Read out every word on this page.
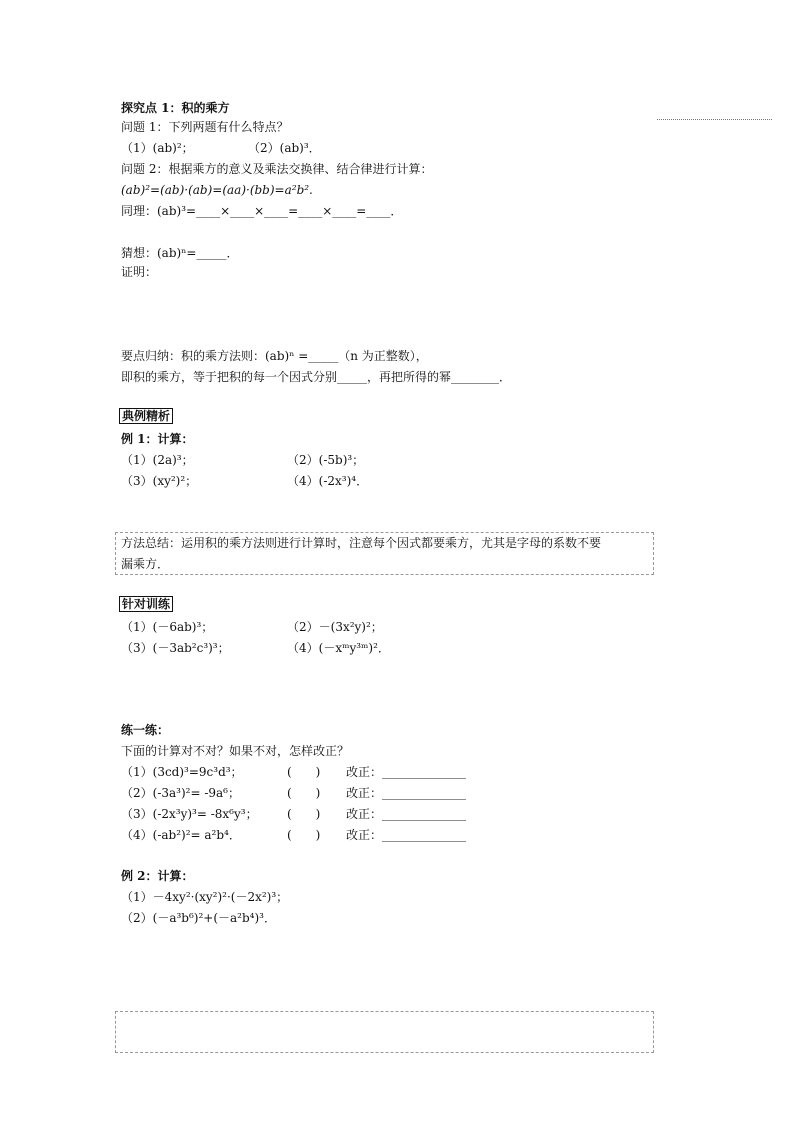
探究点 1：积的乘方
问题 1：下列两题有什么特点？
（1）(ab)²；	（2）(ab)³．
问题 2：根据乘方的意义及乘法交换律、结合律进行计算：
(ab)²=(ab)·(ab)=(aa)·(bb)=a²b².
同理：(ab)³=____×____×____=____×____=____．
猜想：(ab)ⁿ=_____．
证明：
要点归纳：积的乘方法则：(ab)ⁿ =_____（n 为正整数），
即积的乘方，等于把积的每一个因式分别_____，再把所得的幂________．
典例精析
例 1：计算：
（1）(2a)³；	（2）(-5b)³；
（3）(xy²)²；	（4）(-2x³)⁴．
方法总结：运用积的乘方法则进行计算时，注意每个因式都要乘方，尤其是字母的系数不要
漏乘方．
针对训练
（1）(－6ab)³；	（2）－(3x²y)²；
（3）(－3ab²c³)³；	（4）(－xᵐy³ᵐ)²．
练一练：
下面的计算对不对？如果不对，怎样改正？
（1）(3cd)³=9c³d³；	(　　) 改正：______________
（2）(-3a³)²= -9a⁶；	(　　) 改正：______________
（3）(-2x³y)³= -8x⁶y³； (　　) 改正：______________
（4）(-ab²)²= a²b⁴．	(　　) 改正：______________
例 2：计算：
（1）－4xy²·(xy²)²·(－2x²)³；
（2）(－a³b⁶)²+(－a²b⁴)³．
